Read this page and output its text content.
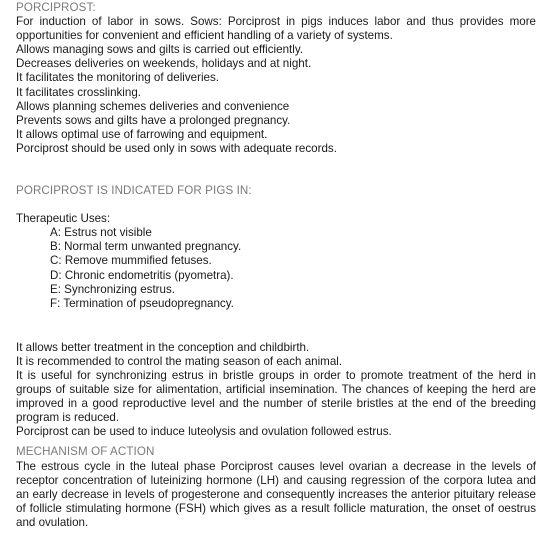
PORCIPROST:
For induction of labor in sows. Sows: Porciprost in pigs induces labor and thus provides more opportunities for convenient and efficient handling of a variety of systems.
Allows managing sows and gilts is carried out efficiently.
Decreases deliveries on weekends, holidays and at night.
It facilitates the monitoring of deliveries.
It facilitates crosslinking.
Allows planning schemes deliveries and convenience
Prevents sows and gilts have a prolonged pregnancy.
It allows optimal use of farrowing and equipment.
Porciprost should be used only in sows with adequate records.
PORCIPROST IS INDICATED FOR PIGS IN:
Therapeutic Uses:
A: Estrus not visible
B: Normal term unwanted pregnancy.
C: Remove mummified fetuses.
D: Chronic endometritis (pyometra).
E: Synchronizing estrus.
F: Termination of pseudopregnancy.
It allows better treatment in the conception and childbirth.
It is recommended to control the mating season of each animal.
It is useful for synchronizing estrus in bristle groups in order to promote treatment of the herd in groups of suitable size for alimentation, artificial insemination. The chances of keeping the herd are improved in a good reproductive level and the number of sterile bristles at the end of the breeding program is reduced.
Porciprost can be used to induce luteolysis and ovulation followed estrus.
MECHANISM OF ACTION
The estrous cycle in the luteal phase Porciprost causes level ovarian a decrease in the levels of receptor concentration of luteinizing hormone (LH) and causing regression of the corpora lutea and an early decrease in levels of progesterone and consequently increases the anterior pituitary release of follicle stimulating hormone (FSH) which gives as a result follicle maturation, the onset of oestrus and ovulation.
